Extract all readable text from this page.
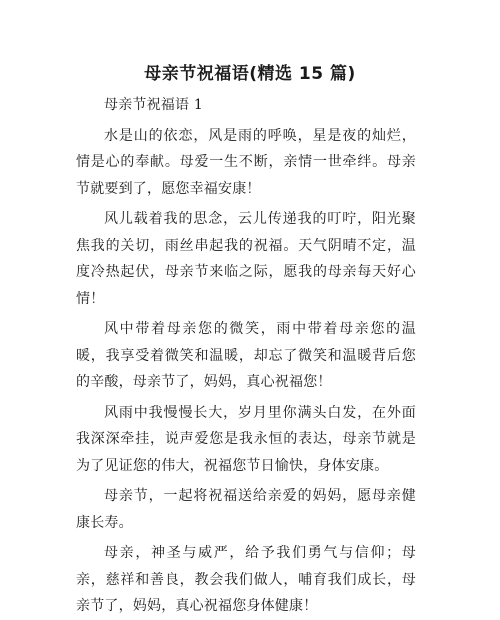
母亲节祝福语(精选 15 篇)

母亲节祝福语 1

水是山的依恋，风是雨的呼唤，星是夜的灿烂，情是心的奉献。母爱一生不断，亲情一世牵绊。母亲节就要到了，愿您幸福安康！

风儿载着我的思念，云儿传递我的叮咛，阳光聚焦我的关切，雨丝串起我的祝福。天气阴晴不定，温度冷热起伏，母亲节来临之际，愿我的母亲每天好心情！

风中带着母亲您的微笑，雨中带着母亲您的温暖，我享受着微笑和温暖，却忘了微笑和温暖背后您的辛酸，母亲节了，妈妈，真心祝福您！

风雨中我慢慢长大，岁月里你满头白发，在外面我深深牵挂，说声爱您是我永恒的表达，母亲节就是为了见证您的伟大，祝福您节日愉快，身体安康。

母亲节，一起将祝福送给亲爱的妈妈，愿母亲健康长寿。

母亲，神圣与威严，给予我们勇气与信仰；母亲，慈祥和善良，教会我们做人，哺育我们成长，母亲节了，妈妈，真心祝福您身体健康！
